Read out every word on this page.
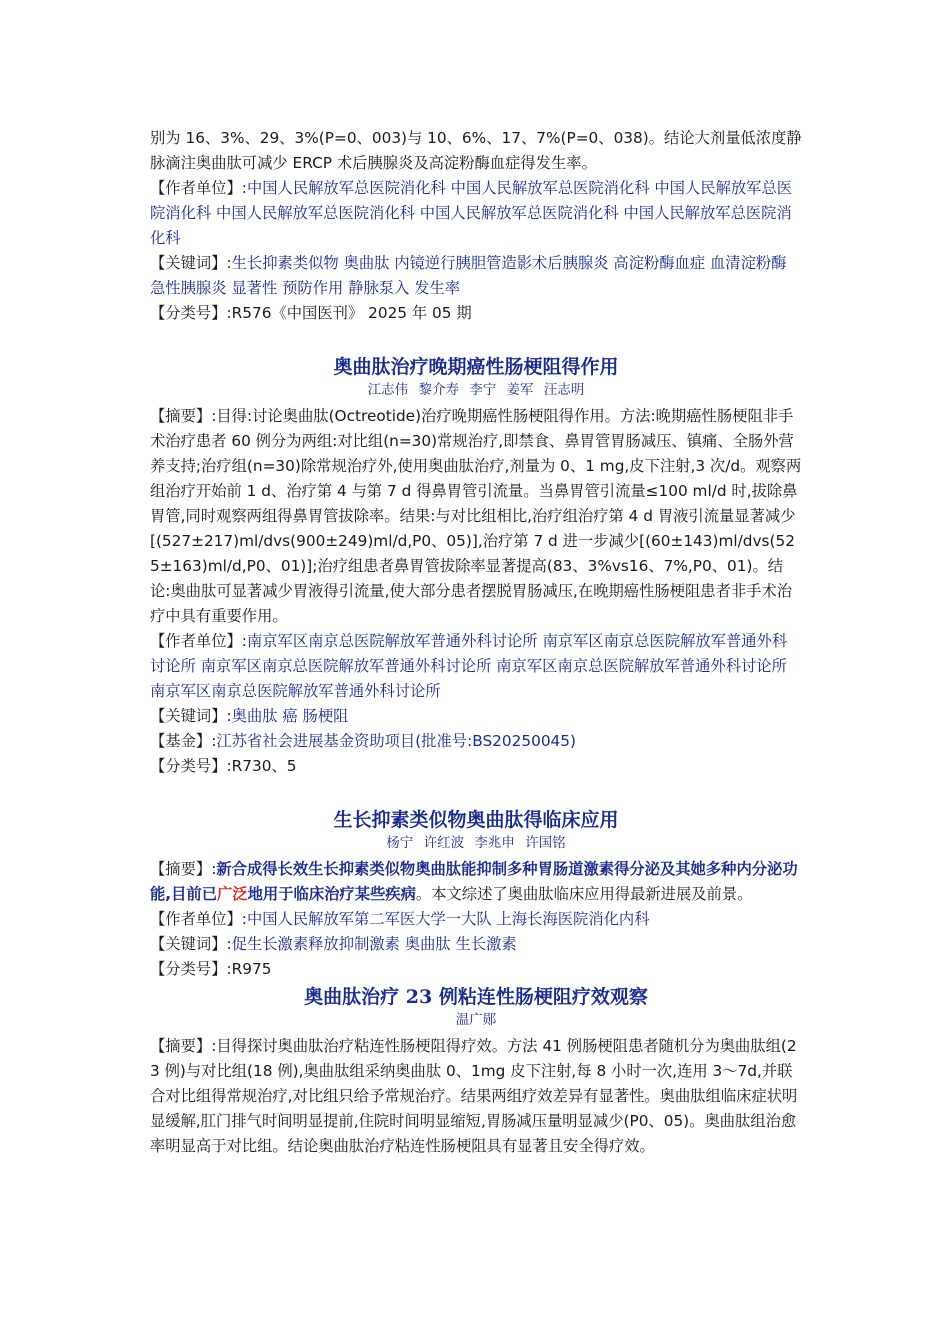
别为 16、3%、29、3%(P=0、003)与 10、6%、17、7%(P=0、038)。结论大剂量低浓度静脉滴注奥曲肽可减少 ERCP 术后胰腺炎及高淀粉酶血症得发生率。

【作者单位】:中国人民解放军总医院消化科 中国人民解放军总医院消化科 中国人民解放军总医院消化科 中国人民解放军总医院消化科 中国人民解放军总医院消化科 中国人民解放军总医院消化科

【关键词】:生长抑素类似物 奥曲肽 内镜逆行胰胆管造影术后胰腺炎 高淀粉酶血症 血清淀粉酶 急性胰腺炎 显著性 预防作用 静脉泵入 发生率

【分类号】:R576《中国医刊》 2025 年 05 期

奥曲肽治疗晚期癌性肠梗阻得作用

江志伟 黎介寿 李宁 姜军 汪志明

【摘要】:目得:讨论奥曲肽(Octreotide)治疗晚期癌性肠梗阻得作用。方法:晚期癌性肠梗阻非手术治疗患者 60 例分为两组:对比组(n=30)常规治疗,即禁食、鼻胃管胃肠减压、镇痛、全肠外营养支持;治疗组(n=30)除常规治疗外,使用奥曲肽治疗,剂量为 0、1 mg,皮下注射,3 次/d。观察两组治疗开始前 1 d、治疗第 4 与第 7 d 得鼻胃管引流量。当鼻胃管引流量≤100 ml/d 时,拔除鼻胃管,同时观察两组得鼻胃管拔除率。结果:与对比组相比,治疗组治疗第 4 d 胃液引流量显著减少[(527±217)ml/dvs(900±249)ml/d,P0、05)],治疗第 7 d 进一步减少[(60±143)ml/dvs(525±163)ml/d,P0、01)];治疗组患者鼻胃管拔除率显著提高(83、3%vs16、7%,P0、01)。结论:奥曲肽可显著减少胃液得引流量,使大部分患者摆脱胃肠减压,在晚期癌性肠梗阻患者非手术治疗中具有重要作用。

【作者单位】:南京军区南京总医院解放军普通外科讨论所 南京军区南京总医院解放军普通外科讨论所 南京军区南京总医院解放军普通外科讨论所 南京军区南京总医院解放军普通外科讨论所 南京军区南京总医院解放军普通外科讨论所

【关键词】:奥曲肽 癌 肠梗阻

【基金】:江苏省社会进展基金资助项目(批准号:BS20250045)

【分类号】:R730、5

生长抑素类似物奥曲肽得临床应用

杨宁 许红波 李兆申 许国铭

【摘要】:新合成得长效生长抑素类似物奥曲肽能抑制多种胃肠道激素得分泌及其她多种内分泌功能,目前已广泛地用于临床治疗某些疾病。本文综述了奥曲肽临床应用得最新进展及前景。

【作者单位】:中国人民解放军第二军医大学一大队 上海长海医院消化内科

【关键词】:促生长激素释放抑制激素 奥曲肽 生长激素

【分类号】:R975

奥曲肽治疗 23 例粘连性肠梗阻疗效观察

温广郧

【摘要】:目得探讨奥曲肽治疗粘连性肠梗阻得疗效。方法 41 例肠梗阻患者随机分为奥曲肽组(23 例)与对比组(18 例),奥曲肽组采纳奥曲肽 0、1mg 皮下注射,每 8 小时一次,连用 3～7d,并联合对比组得常规治疗,对比组只给予常规治疗。结果两组疗效差异有显著性。奥曲肽组临床症状明显缓解,肛门排气时间明显提前,住院时间明显缩短,胃肠减压量明显减少(P0、05)。奥曲肽组治愈率明显高于对比组。结论奥曲肽治疗粘连性肠梗阻具有显著且安全得疗效。
